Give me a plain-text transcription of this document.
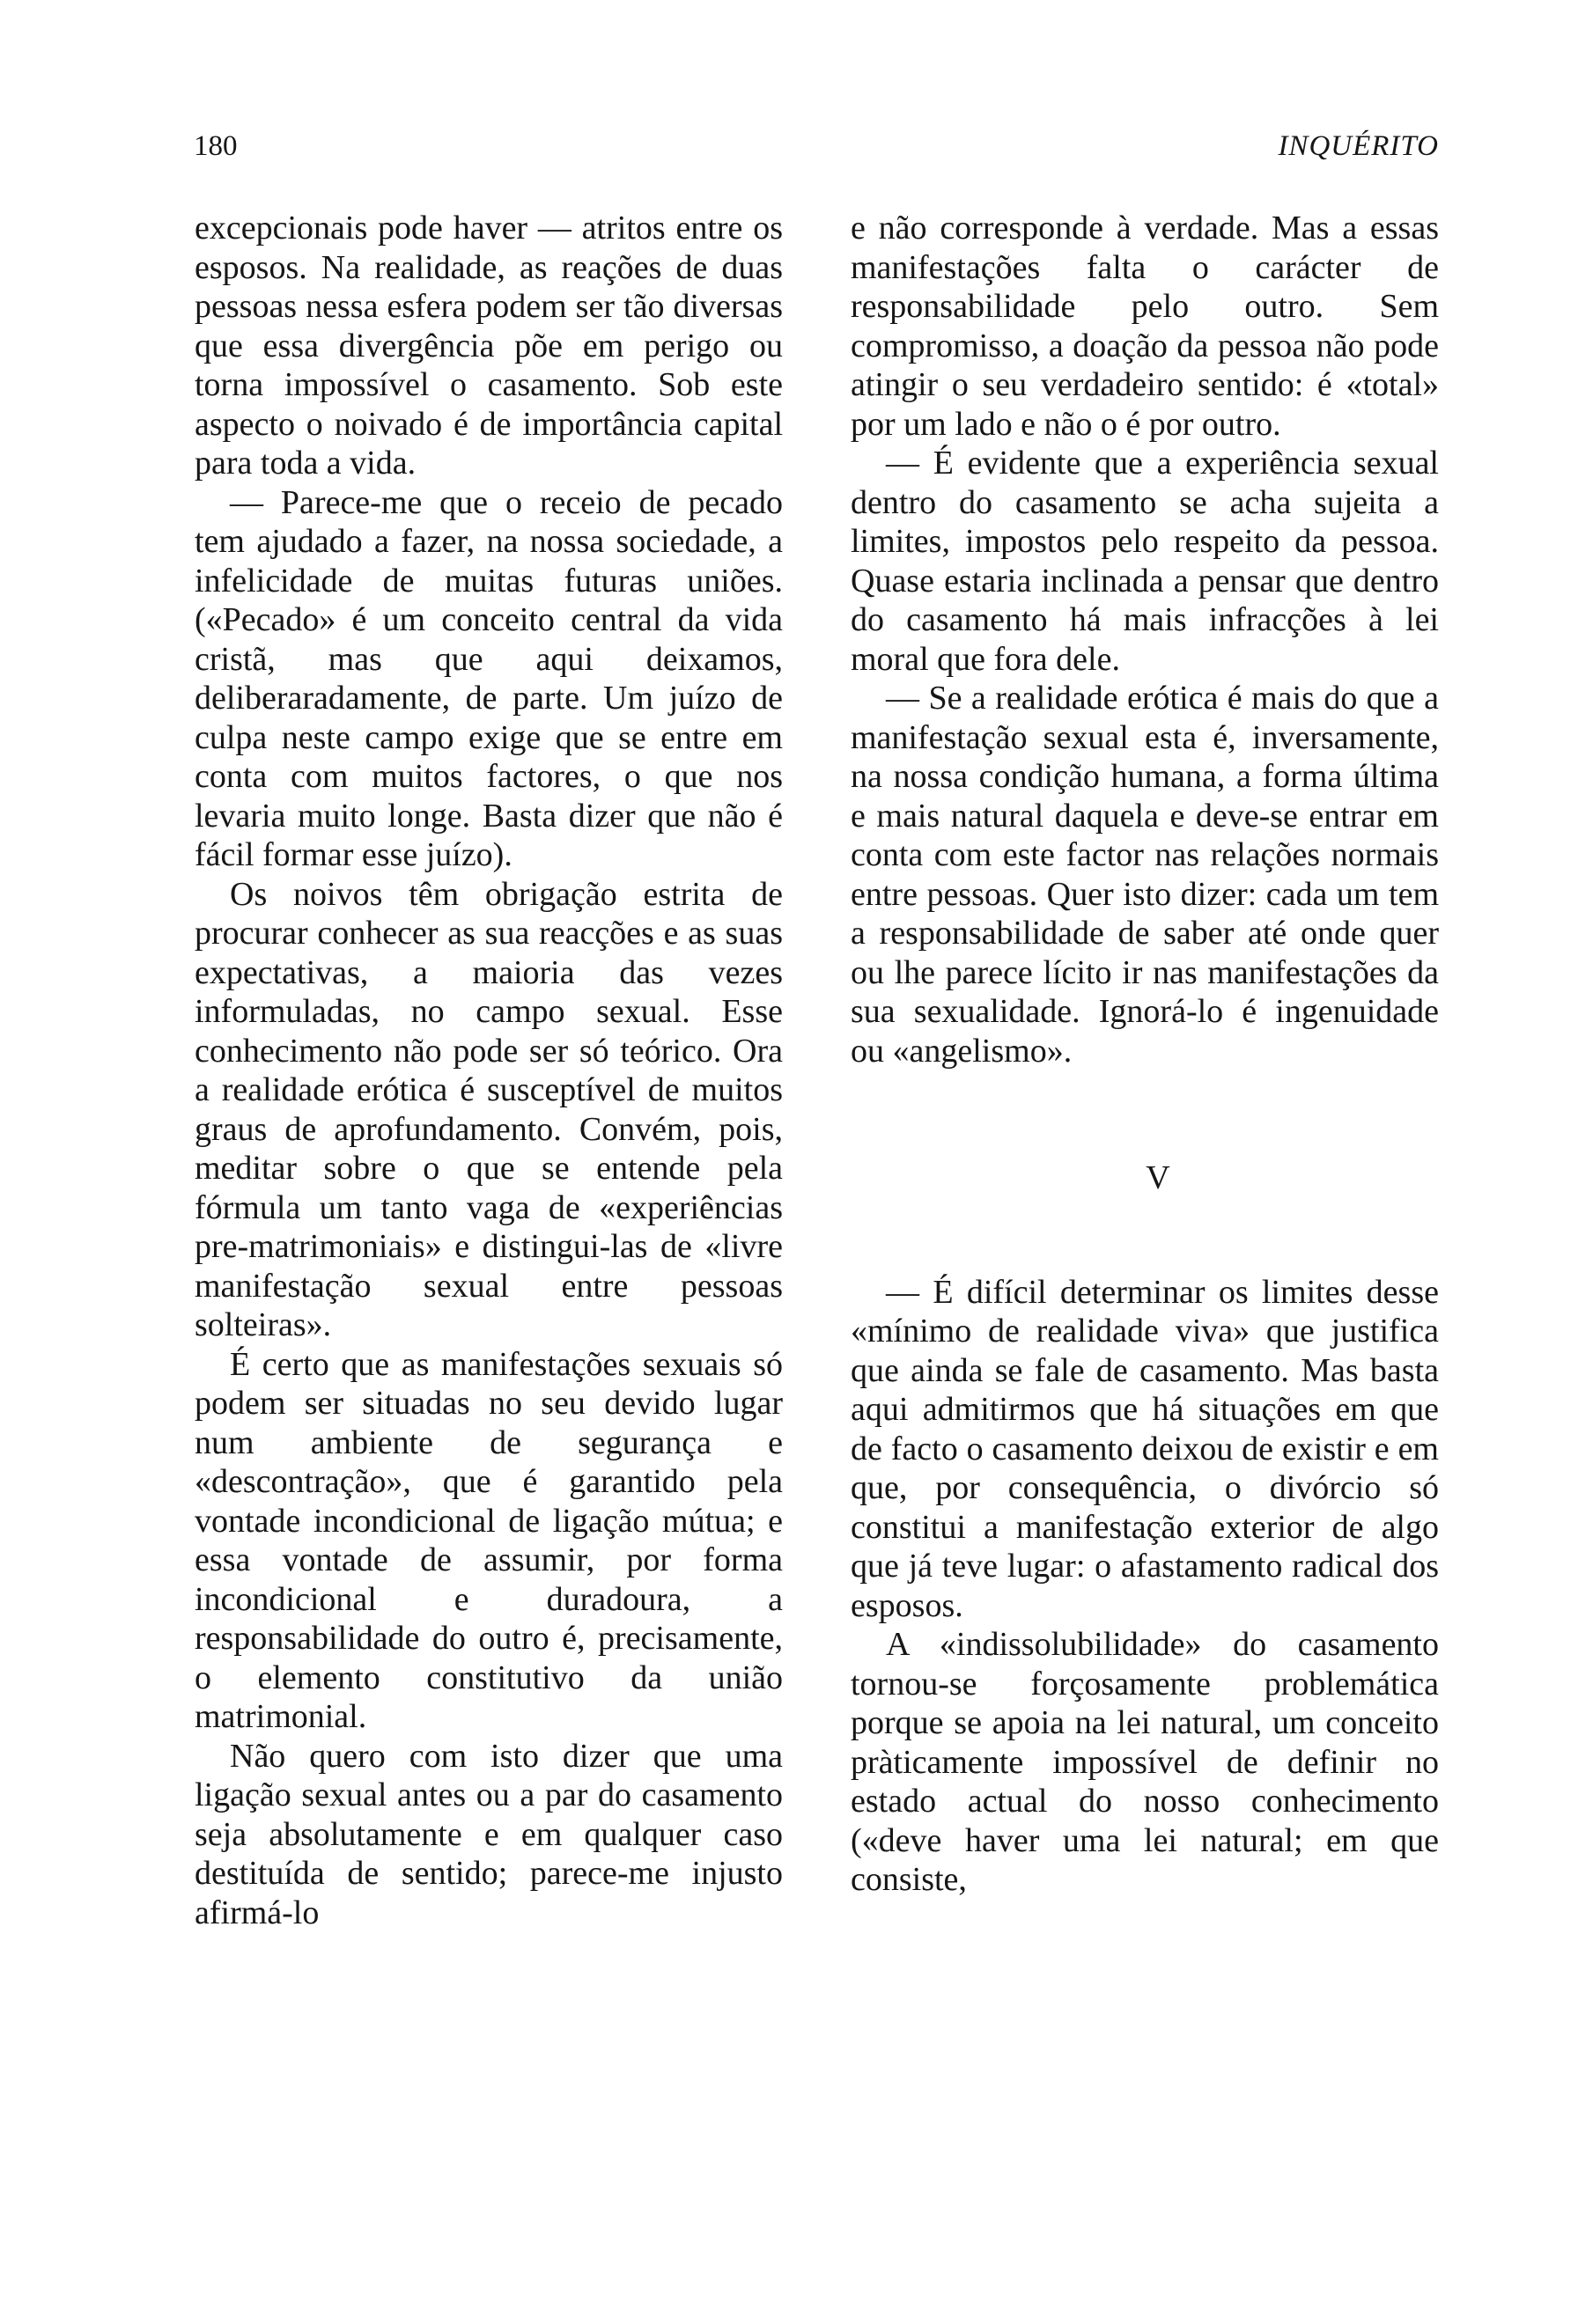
180	INQUÉRITO

excepcionais pode haver — atritos entre os esposos. Na realidade, as reações de duas pessoas nessa esfera podem ser tão diversas que essa divergência põe em perigo ou torna impossível o casamento. Sob este aspecto o noivado é de importância capital para toda a vida.

— Parece-me que o receio de pecado tem ajudado a fazer, na nossa sociedade, a infelicidade de muitas futuras uniões. («Pecado» é um conceito central da vida cristã, mas que aqui deixamos, deliberaradamente, de parte. Um juízo de culpa neste campo exige que se entre em conta com muitos factores, o que nos levaria muito longe. Basta dizer que não é fácil formar esse juízo).

Os noivos têm obrigação estrita de procurar conhecer as sua reacções e as suas expectativas, a maioria das vezes informuladas, no campo sexual. Esse conhecimento não pode ser só teórico. Ora a realidade erótica é susceptível de muitos graus de aprofundamento. Convém, pois, meditar sobre o que se entende pela fórmula um tanto vaga de «experiências pre-matrimoniais» e distingui-las de «livre manifestação sexual entre pessoas solteiras».

É certo que as manifestações sexuais só podem ser situadas no seu devido lugar num ambiente de segurança e «descontração», que é garantido pela vontade incondicional de ligação mútua; e essa vontade de assumir, por forma incondicional e duradoura, a responsabilidade do outro é, precisamente, o elemento constitutivo da união matrimonial.

Não quero com isto dizer que uma ligação sexual antes ou a par do casamento seja absolutamente e em qualquer caso destituída de sentido; parece-me injusto afirmá-lo

e não corresponde à verdade. Mas a essas manifestações falta o carácter de responsabilidade pelo outro. Sem compromisso, a doação da pessoa não pode atingir o seu verdadeiro sentido: é «total» por um lado e não o é por outro.

— É evidente que a experiência sexual dentro do casamento se acha sujeita a limites, impostos pelo respeito da pessoa. Quase estaria inclinada a pensar que dentro do casamento há mais infracções à lei moral que fora dele.

— Se a realidade erótica é mais do que a manifestação sexual esta é, inversamente, na nossa condição humana, a forma última e mais natural daquela e deve-se entrar em conta com este factor nas relações normais entre pessoas. Quer isto dizer: cada um tem a responsabilidade de saber até onde quer ou lhe parece lícito ir nas manifestações da sua sexualidade. Ignorá-lo é ingenuidade ou «angelismo».

V

— É difícil determinar os limites desse «mínimo de realidade viva» que justifica que ainda se fale de casamento. Mas basta aqui admitirmos que há situações em que de facto o casamento deixou de existir e em que, por consequência, o divórcio só constitui a manifestação exterior de algo que já teve lugar: o afastamento radical dos esposos.

A «indissolubilidade» do casamento tornou-se forçosamente problemática porque se apoia na lei natural, um conceito pràticamente impossível de definir no estado actual do nosso conhecimento («deve haver uma lei natural; em que consiste,
